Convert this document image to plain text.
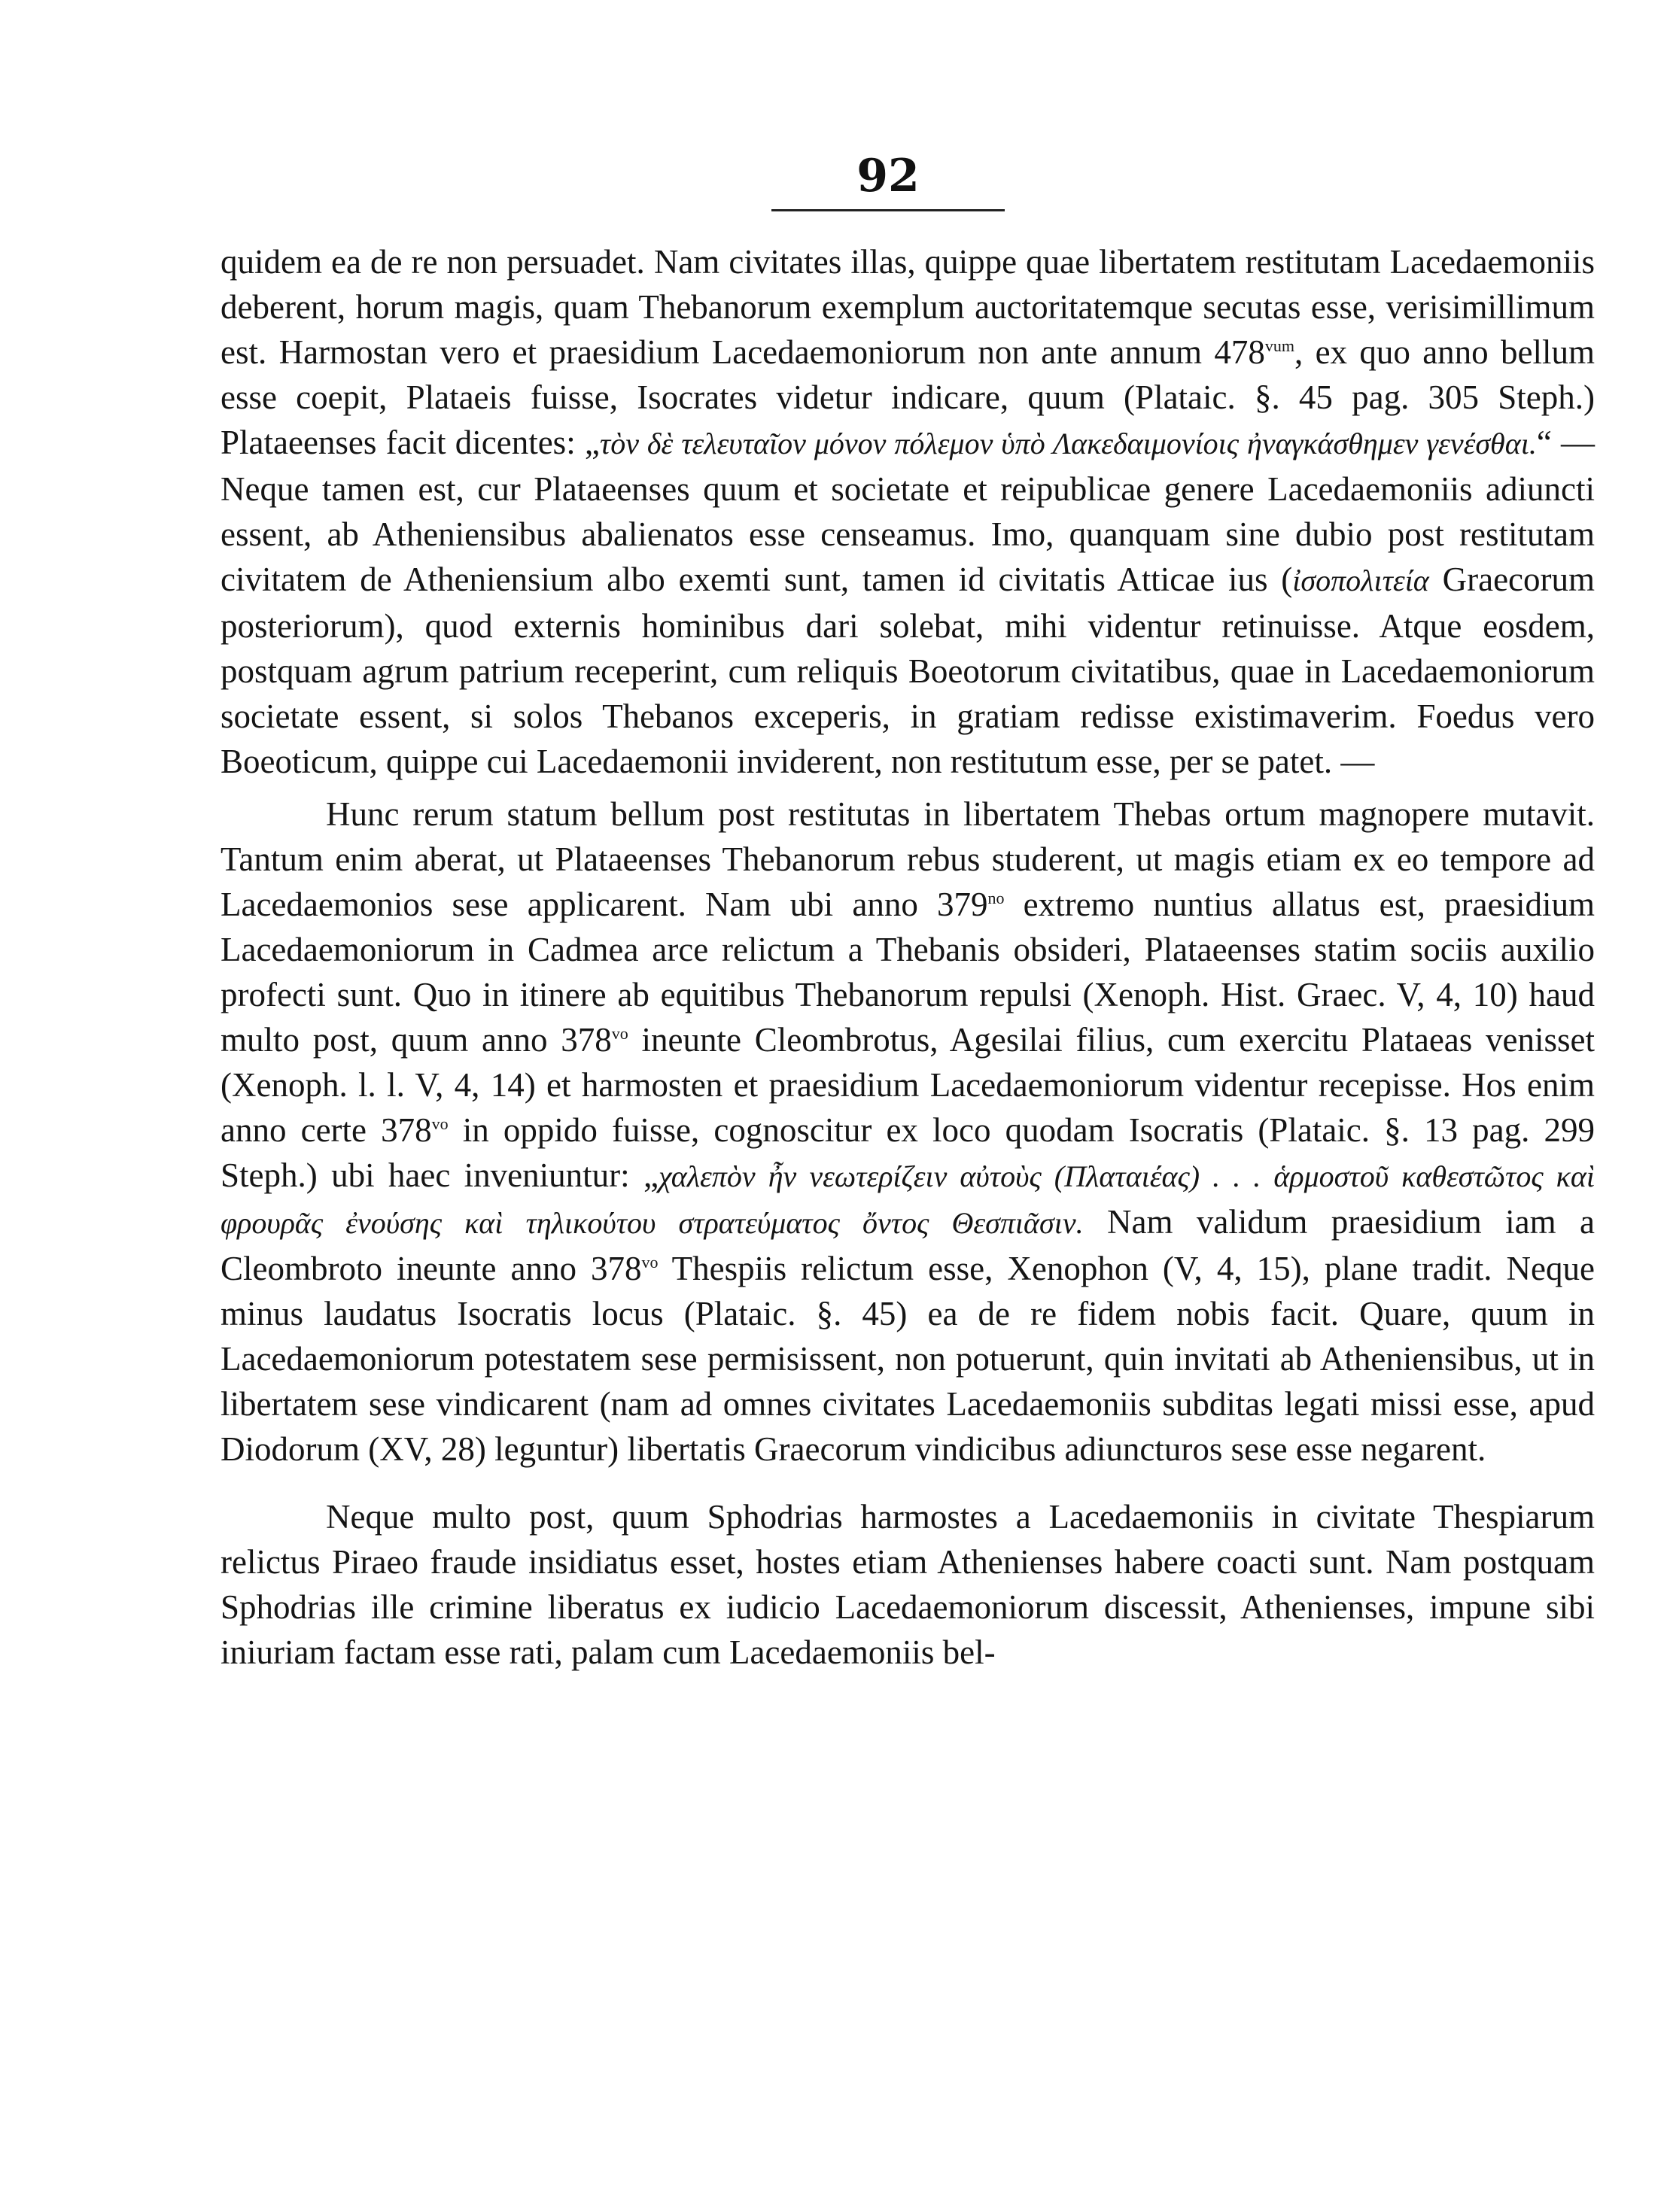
92

quidem ea de re non persuadet. Nam civitates illas, quippe quae libertatem restitutam Lacedaemoniis deberent, horum magis, quam Thebanorum exemplum auctoritatemque secutas esse, verisimillimum est. Harmostan vero et praesidium Lacedaemoniorum non ante annum $478^{vum}$, ex quo anno bellum esse coepit, Plataeis fuisse, Isocrates videtur indicare, quum (Plataic. §. 45 pag. 305 Steph.) Plataeenses facit dicentes: „τὸν δὲ τελευταῖον μόνον πόλεμον ὑπὸ Λακεδαιμονίοις ἠναγκάσθημεν γενέσθαι.“ — Neque tamen est, cur Plataeenses quum et societate et reipublicae genere Lacedaemoniis adiuncti essent, ab Atheniensibus abalienatos esse censeamus. Imo, quanquam sine dubio post restitutam civitatem de Atheniensium albo exemti sunt, tamen id civitatis Atticae ius (ἰσοπολιτεία Graecorum posteriorum), quod externis hominibus dari solebat, mihi videntur retinuisse. Atque eosdem, postquam agrum patrium receperint, cum reliquis Boeotorum civitatibus, quae in Lacedaemoniorum societate essent, si solos Thebanos exceperis, in gratiam redisse existimaverim. Foedus vero Boeoticum, quippe cui Lacedaemonii inviderent, non restitutum esse, per se patet. —

Hunc rerum statum bellum post restitutas in libertatem Thebas ortum magnopere mutavit. Tantum enim aberat, ut Plataeenses Thebanorum rebus studerent, ut magis etiam ex eo tempore ad Lacedaemonios sese applicarent. Nam ubi anno $379^{no}$ extremo nuntius allatus est, praesidium Lacedaemoniorum in Cadmea arce relictum a Thebanis obsideri, Plataeenses statim sociis auxilio profecti sunt. Quo in itinere ab equitibus Thebanorum repulsi (Xenoph. Hist. Graec. V, 4, 10) haud multo post, quum anno $378^{vo}$ ineunte Cleombrotus, Agesilai filius, cum exercitu Plataeas venisset (Xenoph. l. l. V, 4, 14) et harmosten et praesidium Lacedaemoniorum videntur recepisse. Hos enim anno certe $378^{vo}$ in oppido fuisse, cognoscitur ex loco quodam Isocratis (Plataic. §. 13 pag. 299 Steph.) ubi haec inveniuntur: „χαλεπὸν ἦν νεωτερίζειν αὐτοὺς (Πλαταιέας) . . . ἁρμοστοῦ καθεστῶτος καὶ φρουρᾶς ἐνούσης καὶ τηλικούτου στρατεύματος ὄντος Θεσπιᾶσιν. Nam validum praesidium iam a Cleombroto ineunte anno $378^{vo}$ Thespiis relictum esse, Xenophon (V, 4, 15), plane tradit. Neque minus laudatus Isocratis locus (Plataic. §. 45) ea de re fidem nobis facit. Quare, quum in Lacedaemoniorum potestatem sese permisissent, non potuerunt, quin invitati ab Atheniensibus, ut in libertatem sese vindicarent (nam ad omnes civitates Lacedaemoniis subditas legati missi esse, apud Diodorum (XV, 28) leguntur) libertatis Graecorum vindicibus adiuncturos sese esse negarent.

Neque multo post, quum Sphodrias harmostes a Lacedaemoniis in civitate Thespiarum relictus Piraeo fraude insidiatus esset, hostes etiam Athenienses habere coacti sunt. Nam postquam Sphodrias ille crimine liberatus ex iudicio Lacedaemoniorum discessit, Athenienses, impune sibi iniuriam factam esse rati, palam cum Lacedaemoniis bel-
